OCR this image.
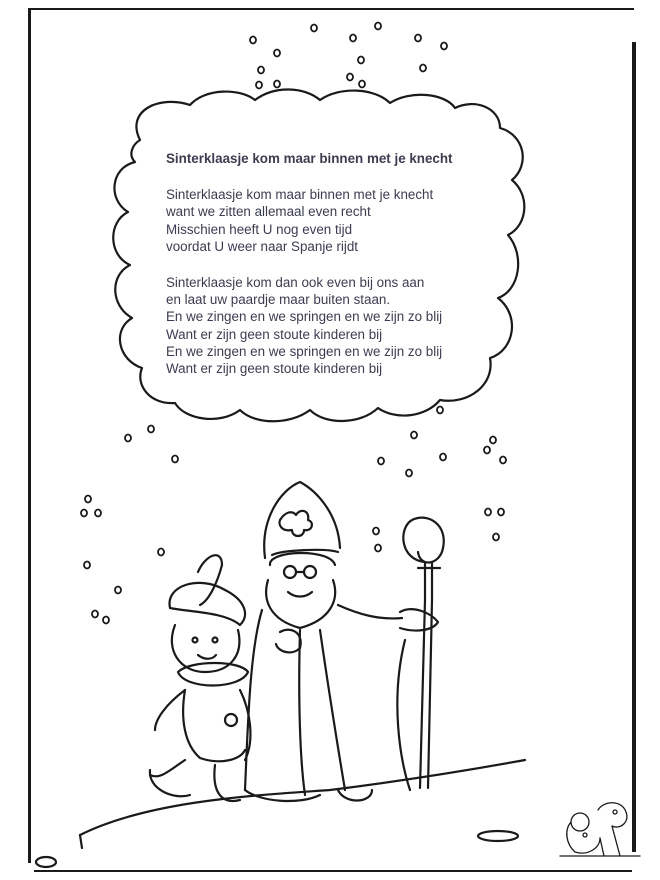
Sinterklaasje kom maar binnen met je knecht
Sinterklaasje kom maar binnen met je knecht
want we zitten allemaal even recht
Misschien heeft U nog even tijd
voordat U weer naar Spanje rijdt
Sinterklaasje kom dan ook even bij ons aan
en laat uw paardje maar buiten staan.
En we zingen en we springen en we zijn zo blij
Want er zijn geen stoute kinderen bij
En we zingen en we springen en we zijn zo blij
Want er zijn geen stoute kinderen bij
